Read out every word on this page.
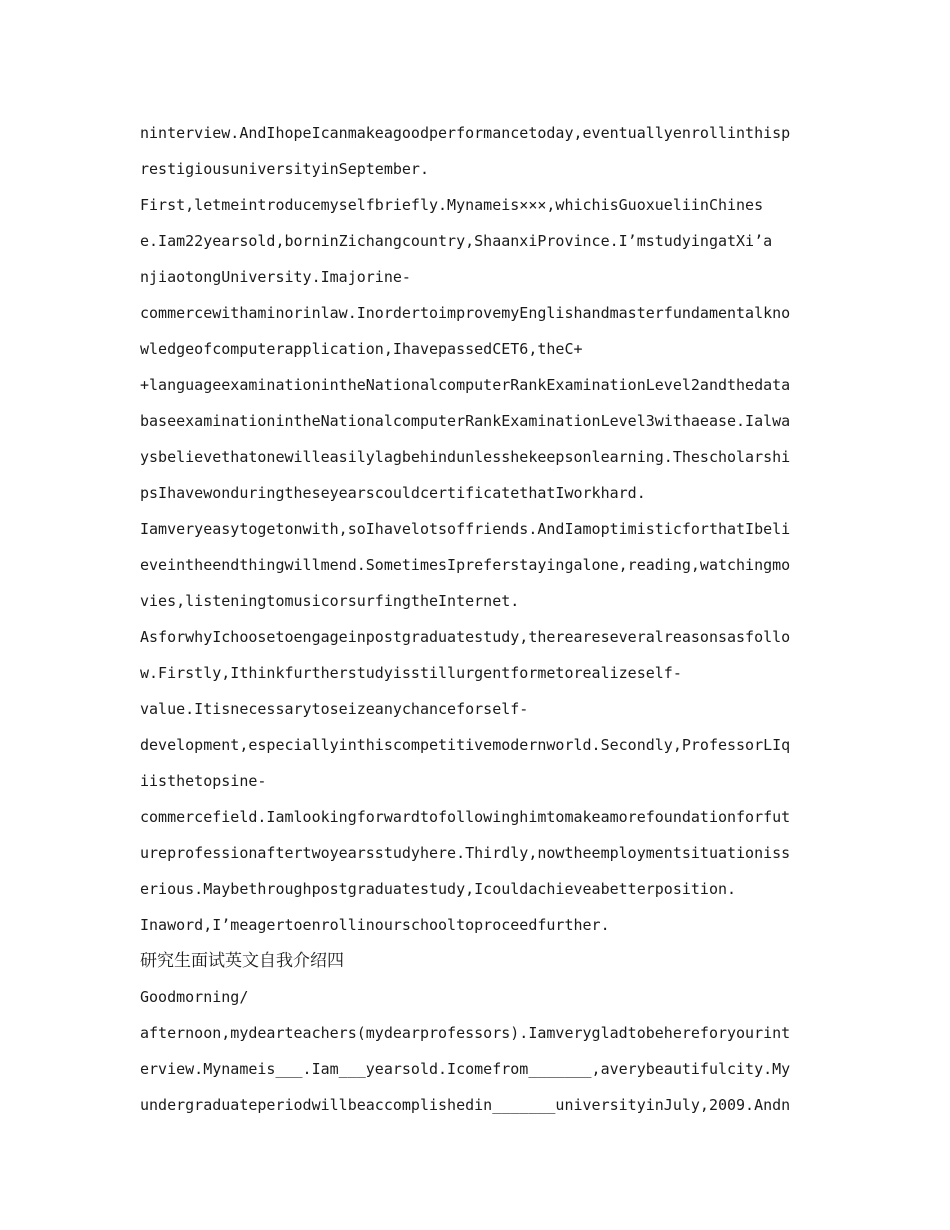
ninterview.AndIhopeIcanmakeagoodperformancetoday,eventuallyenrollinthisp
restigiousuniversityinSeptember.
First,letmeintroducemyselfbriefly.Mynameis×××,whichisGuoxueliinChines
e.Iam22yearsold,borninZichangcountry,ShaanxiProvince.I’mstudyingatXi’a
njiaotongUniversity.Imajorine-
commercewithaminorinlaw.InordertoimprovemyEnglishandmasterfundamentalkno
wledgeofcomputerapplication,IhavepassedCET6,theC+
+languageexaminationintheNationalcomputerRankExaminationLevel2andthedata
baseexaminationintheNationalcomputerRankExaminationLevel3withaease.Ialwa
ysbelievethatonewilleasilylagbehindunlesshekeepsonlearning.Thescholarshi
psIhavewonduringtheseyearscouldcertificatethatIworkhard.
Iamveryeasytogetonwith,soIhavelotsoffriends.AndIamoptimisticforthatIbeli
eveintheendthingwillmend.SometimesIpreferstayingalone,reading,watchingmo
vies,listeningtomusicorsurfingtheInternet.
AsforwhyIchoosetoengageinpostgraduatestudy,thereareseveralreasonsasfollo
w.Firstly,Ithinkfurtherstudyisstillurgentformetorealizeself-
value.Itisnecessarytoseizeanychanceforself-
development,especiallyinthiscompetitivemodernworld.Secondly,ProfessorLIq
iisthetopsine-
commercefield.Iamlookingforwardtofollowinghimtomakeamorefoundationforfut
ureprofessionaftertwoyearsstudyhere.Thirdly,nowtheemploymentsituationiss
erious.Maybethroughpostgraduatestudy,Icouldachieveabetterposition.
Inaword,I’meagertoenrollinourschooltoproceedfurther.
研究生面试英文自我介绍四
Goodmorning/
afternoon,mydearteachers(mydearprofessors).Iamverygladtobehereforyourint
erview.Mynameis___.Iam___yearsold.Icomefrom_______,averybeautifulcity.My
undergraduateperiodwillbeaccomplishedin_______universityinJuly,2009.Andn
